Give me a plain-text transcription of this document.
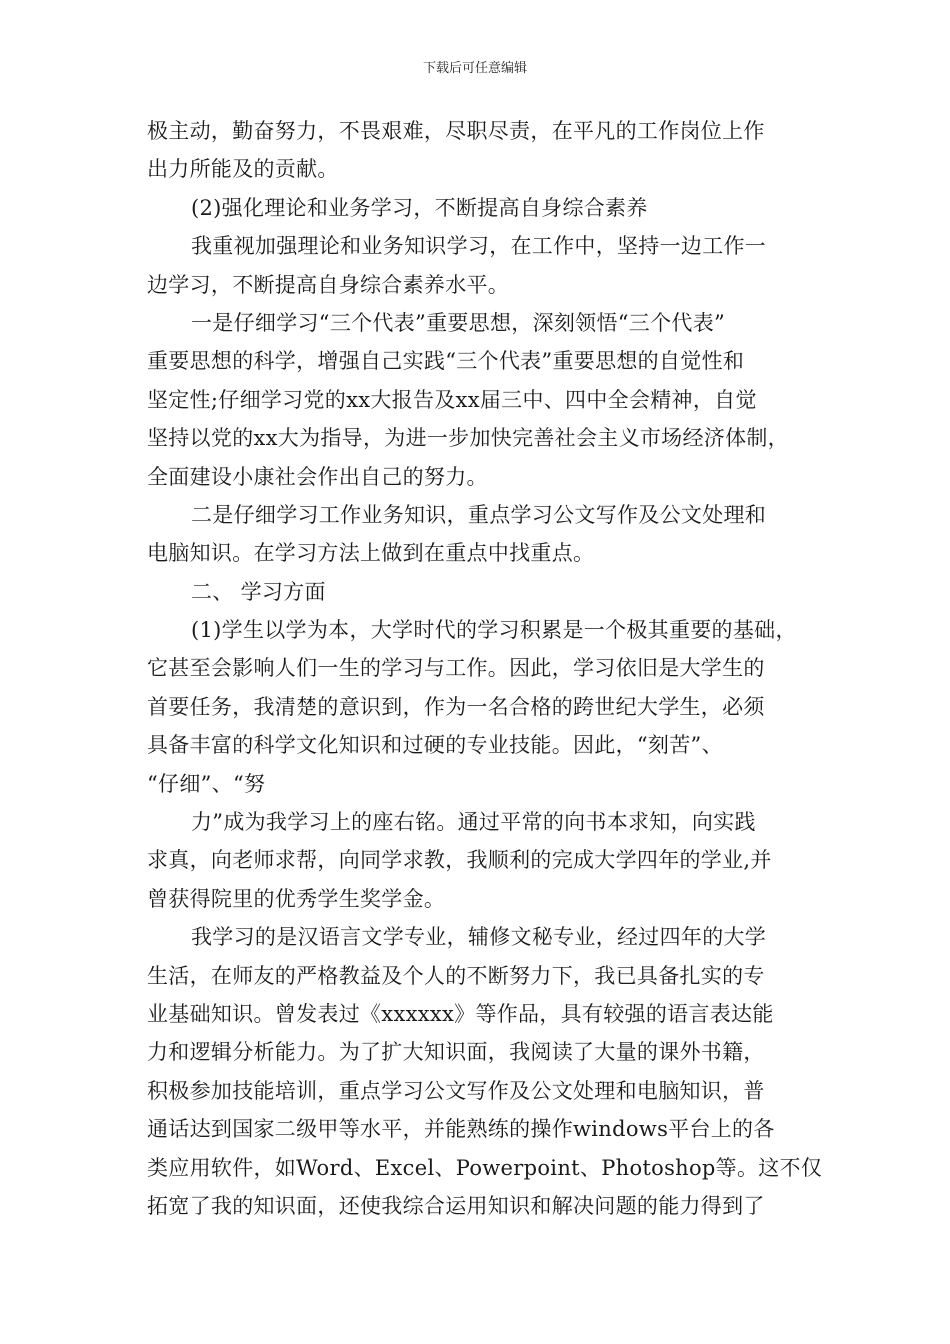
下载后可任意编辑
极主动，勤奋努力，不畏艰难，尽职尽责，在平凡的工作岗位上作
出力所能及的贡献。
(2)强化理论和业务学习，不断提高自身综合素养
我重视加强理论和业务知识学习，在工作中，坚持一边工作一
边学习，不断提高自身综合素养水平。
一是仔细学习“三个代表”重要思想，深刻领悟“三个代表”
重要思想的科学，增强自己实践“三个代表”重要思想的自觉性和
坚定性;仔细学习党的xx大报告及xx届三中、四中全会精神，自觉
坚持以党的xx大为指导，为进一步加快完善社会主义市场经济体制，
全面建设小康社会作出自己的努力。
二是仔细学习工作业务知识，重点学习公文写作及公文处理和
电脑知识。在学习方法上做到在重点中找重点。
二、 学习方面
(1)学生以学为本，大学时代的学习积累是一个极其重要的基础，
它甚至会影响人们一生的学习与工作。因此，学习依旧是大学生的
首要任务，我清楚的意识到，作为一名合格的跨世纪大学生，必须
具备丰富的科学文化知识和过硬的专业技能。因此，“刻苦”、
“仔细”、“努
力”成为我学习上的座右铭。通过平常的向书本求知，向实践
求真，向老师求帮，向同学求教，我顺利的完成大学四年的学业,并
曾获得院里的优秀学生奖学金。
我学习的是汉语言文学专业，辅修文秘专业，经过四年的大学
生活，在师友的严格教益及个人的不断努力下，我已具备扎实的专
业基础知识。曾发表过《xxxxxx》等作品，具有较强的语言表达能
力和逻辑分析能力。为了扩大知识面，我阅读了大量的课外书籍，
积极参加技能培训，重点学习公文写作及公文处理和电脑知识，普
通话达到国家二级甲等水平，并能熟练的操作windows平台上的各
类应用软件，如Word、Excel、Powerpoint、Photoshop等。这不仅
拓宽了我的知识面，还使我综合运用知识和解决问题的能力得到了
